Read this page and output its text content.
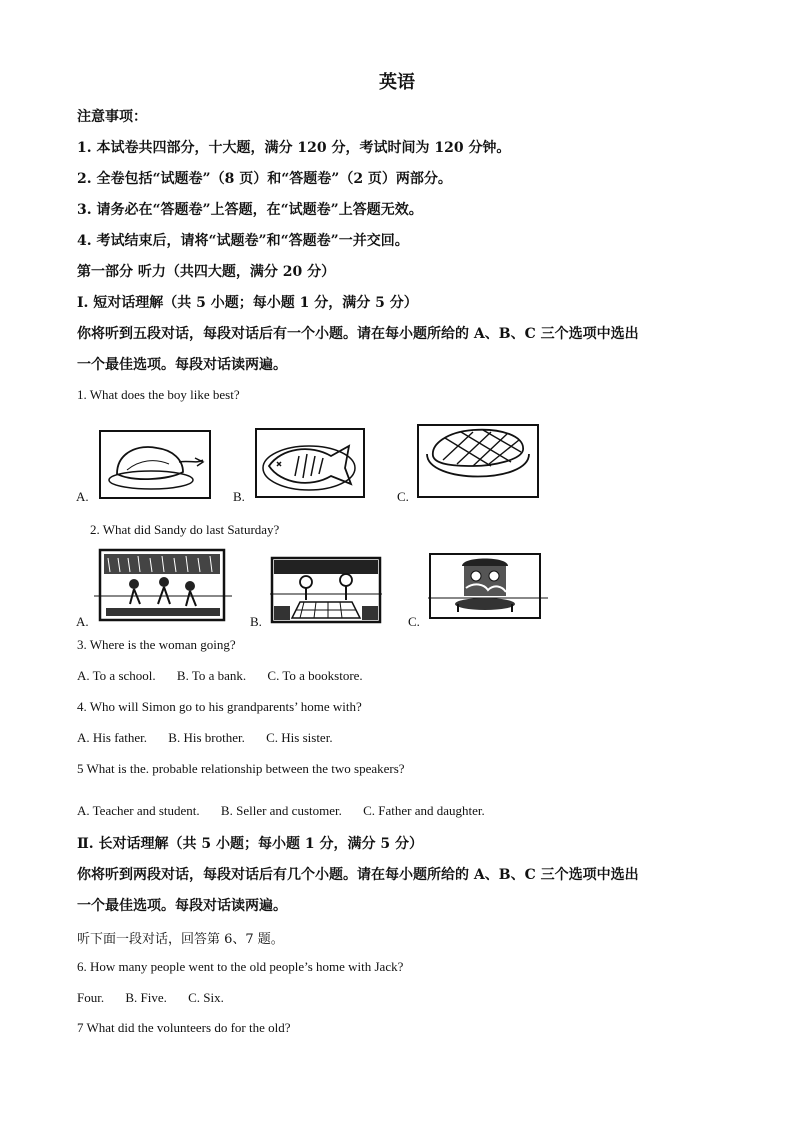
英语
注意事项：
1. 本试卷共四部分，十大题，满分 120 分，考试时间为 120 分钟。
2. 全卷包括“试题卷”（8 页）和“答题卷”（2 页）两部分。
3. 请务必在“答题卷”上答题，在“试题卷”上答题无效。
4. 考试结束后，请将“试题卷”和“答题卷”一并交回。
第一部分 听力（共四大题，满分 20 分）
Ⅰ. 短对话理解（共 5 小题；每小题 1 分，满分 5 分）
你将听到五段对话，每段对话后有一个小题。请在每小题所给的 A、B、C 三个选项中选出
一个最佳选项。每段对话读两遍。
1. What does the boy like best?
A.	B.	C.
2. What did Sandy do last Saturday?
A.	B.	C.
3. Where is the woman going?
A. To a school. B. To a bank. C. To a bookstore.
4. Who will Simon go to his grandparents’ home with?
A. His father. B. His brother. C. His sister.
5 What is the. probable relationship between the two speakers?
A. Teacher and student. B. Seller and customer. C. Father and daughter.
Ⅱ. 长对话理解（共 5 小题；每小题 1 分，满分 5 分）
你将听到两段对话，每段对话后有几个小题。请在每小题所给的 A、B、C 三个选项中选出
一个最佳选项。每段对话读两遍。
听下面一段对话，回答第 6、7 题。
6. How many people went to the old people’s home with Jack?
Four. B. Five. C. Six.
7 What did the volunteers do for the old?
